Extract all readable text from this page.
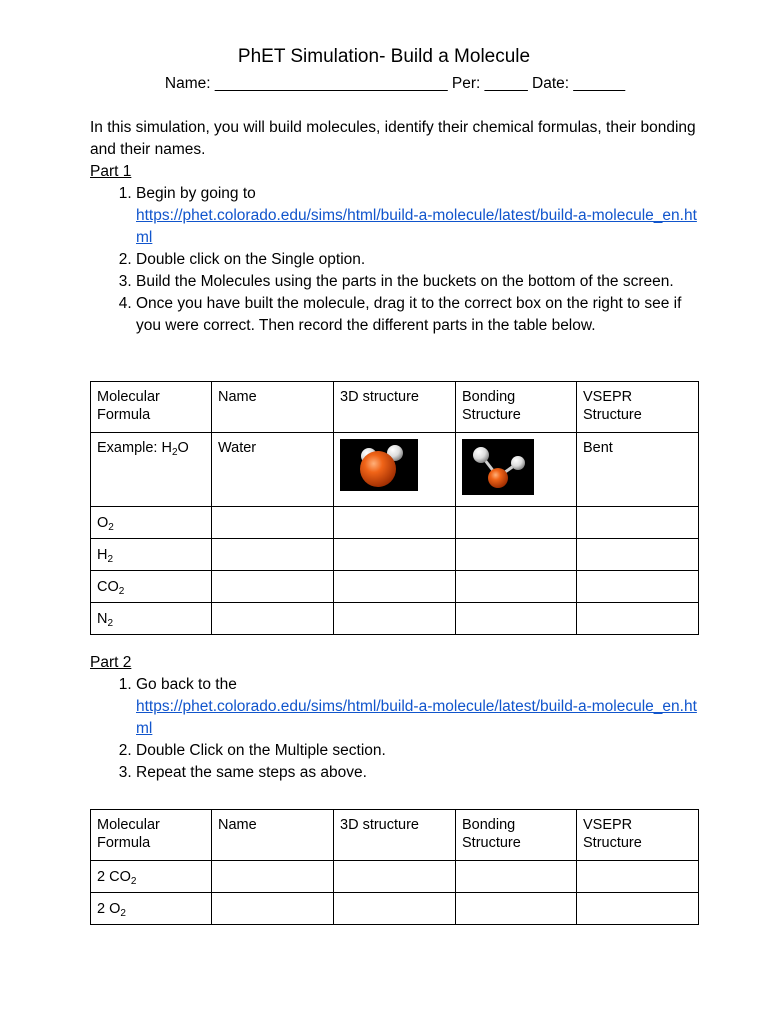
PhET Simulation- Build a Molecule
Name: ___________________________ Per: _____ Date: ______
In this simulation, you will build molecules, identify their chemical formulas, their bonding and their names.
Part 1
1. Begin by going to
https://phet.colorado.edu/sims/html/build-a-molecule/latest/build-a-molecule_en.html
2. Double click on the Single option.
3. Build the Molecules using the parts in the buckets on the bottom of the screen.
4. Once you have built the molecule, drag it to the correct box on the right to see if you were correct. Then record the different parts in the table below.
Molecular Formula	Name	3D structure	Bonding Structure	VSEPR Structure
Example: $H_2O$	Water			Bent
$O_2$				
$H_2$				
$CO_2$				
$N_2$				
Part 2
1. Go back to the
https://phet.colorado.edu/sims/html/build-a-molecule/latest/build-a-molecule_en.html
2. Double Click on the Multiple section.
3. Repeat the same steps as above.
Molecular Formula	Name	3D structure	Bonding Structure	VSEPR Structure
2 $CO_2$				
2 $O_2$				
